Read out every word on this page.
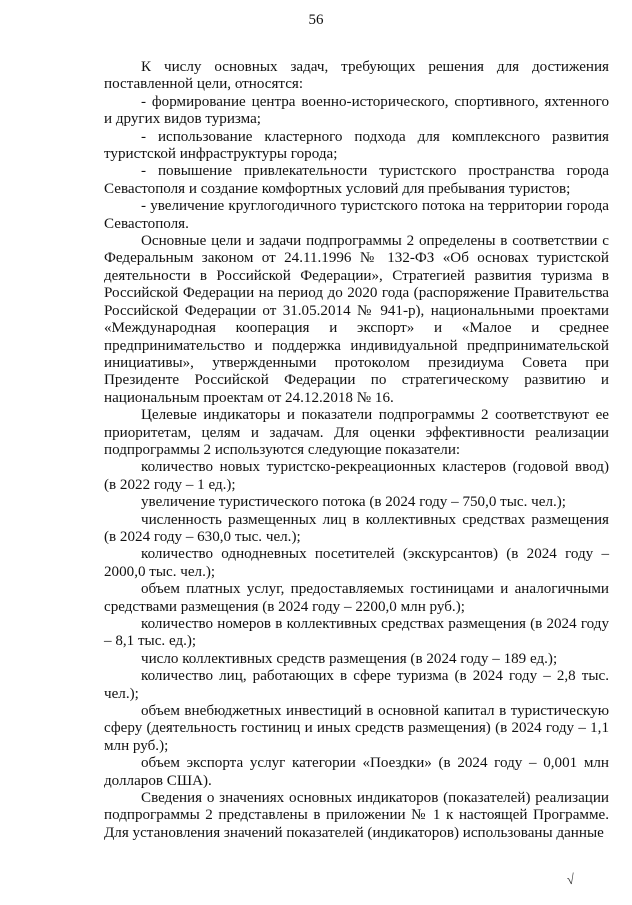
56

К числу основных задач, требующих решения для достижения поставленной цели, относятся:

- формирование центра военно-исторического, спортивного, яхтенного и других видов туризма;

- использование кластерного подхода для комплексного развития туристской инфраструктуры города;

- повышение привлекательности туристского пространства города Севастополя и создание комфортных условий для пребывания туристов;

- увеличение круглогодичного туристского потока на территории города Севастополя.

Основные цели и задачи подпрограммы 2 определены в соответствии с Федеральным законом от 24.11.1996 № 132-ФЗ «Об основах туристской деятельности в Российской Федерации», Стратегией развития туризма в Российской Федерации на период до 2020 года (распоряжение Правительства Российской Федерации от 31.05.2014 № 941-р), национальными проектами «Международная кооперация и экспорт» и «Малое и среднее предпринимательство и поддержка индивидуальной предпринимательской инициативы», утвержденными протоколом президиума Совета при Президенте Российской Федерации по стратегическому развитию и национальным проектам от 24.12.2018 № 16.

Целевые индикаторы и показатели подпрограммы 2 соответствуют ее приоритетам, целям и задачам. Для оценки эффективности реализации подпрограммы 2 используются следующие показатели:

количество новых туристско-рекреационных кластеров (годовой ввод) (в 2022 году – 1 ед.);

увеличение туристического потока (в 2024 году – 750,0 тыс. чел.);

численность размещенных лиц в коллективных средствах размещения (в 2024 году – 630,0 тыс. чел.);

количество однодневных посетителей (экскурсантов) (в 2024 году – 2000,0 тыс. чел.);

объем платных услуг, предоставляемых гостиницами и аналогичными средствами размещения (в 2024 году – 2200,0 млн руб.);

количество номеров в коллективных средствах размещения (в 2024 году – 8,1 тыс. ед.);

число коллективных средств размещения (в 2024 году – 189 ед.);

количество лиц, работающих в сфере туризма (в 2024 году – 2,8 тыс. чел.);

объем внебюджетных инвестиций в основной капитал в туристическую сферу (деятельность гостиниц и иных средств размещения) (в 2024 году – 1,1 млн руб.);

объем экспорта услуг категории «Поездки» (в 2024 году – 0,001 млн долларов США).

Сведения о значениях основных индикаторов (показателей) реализации подпрограммы 2 представлены в приложении № 1 к настоящей Программе. Для установления значений показателей (индикаторов) использованы данные

√
